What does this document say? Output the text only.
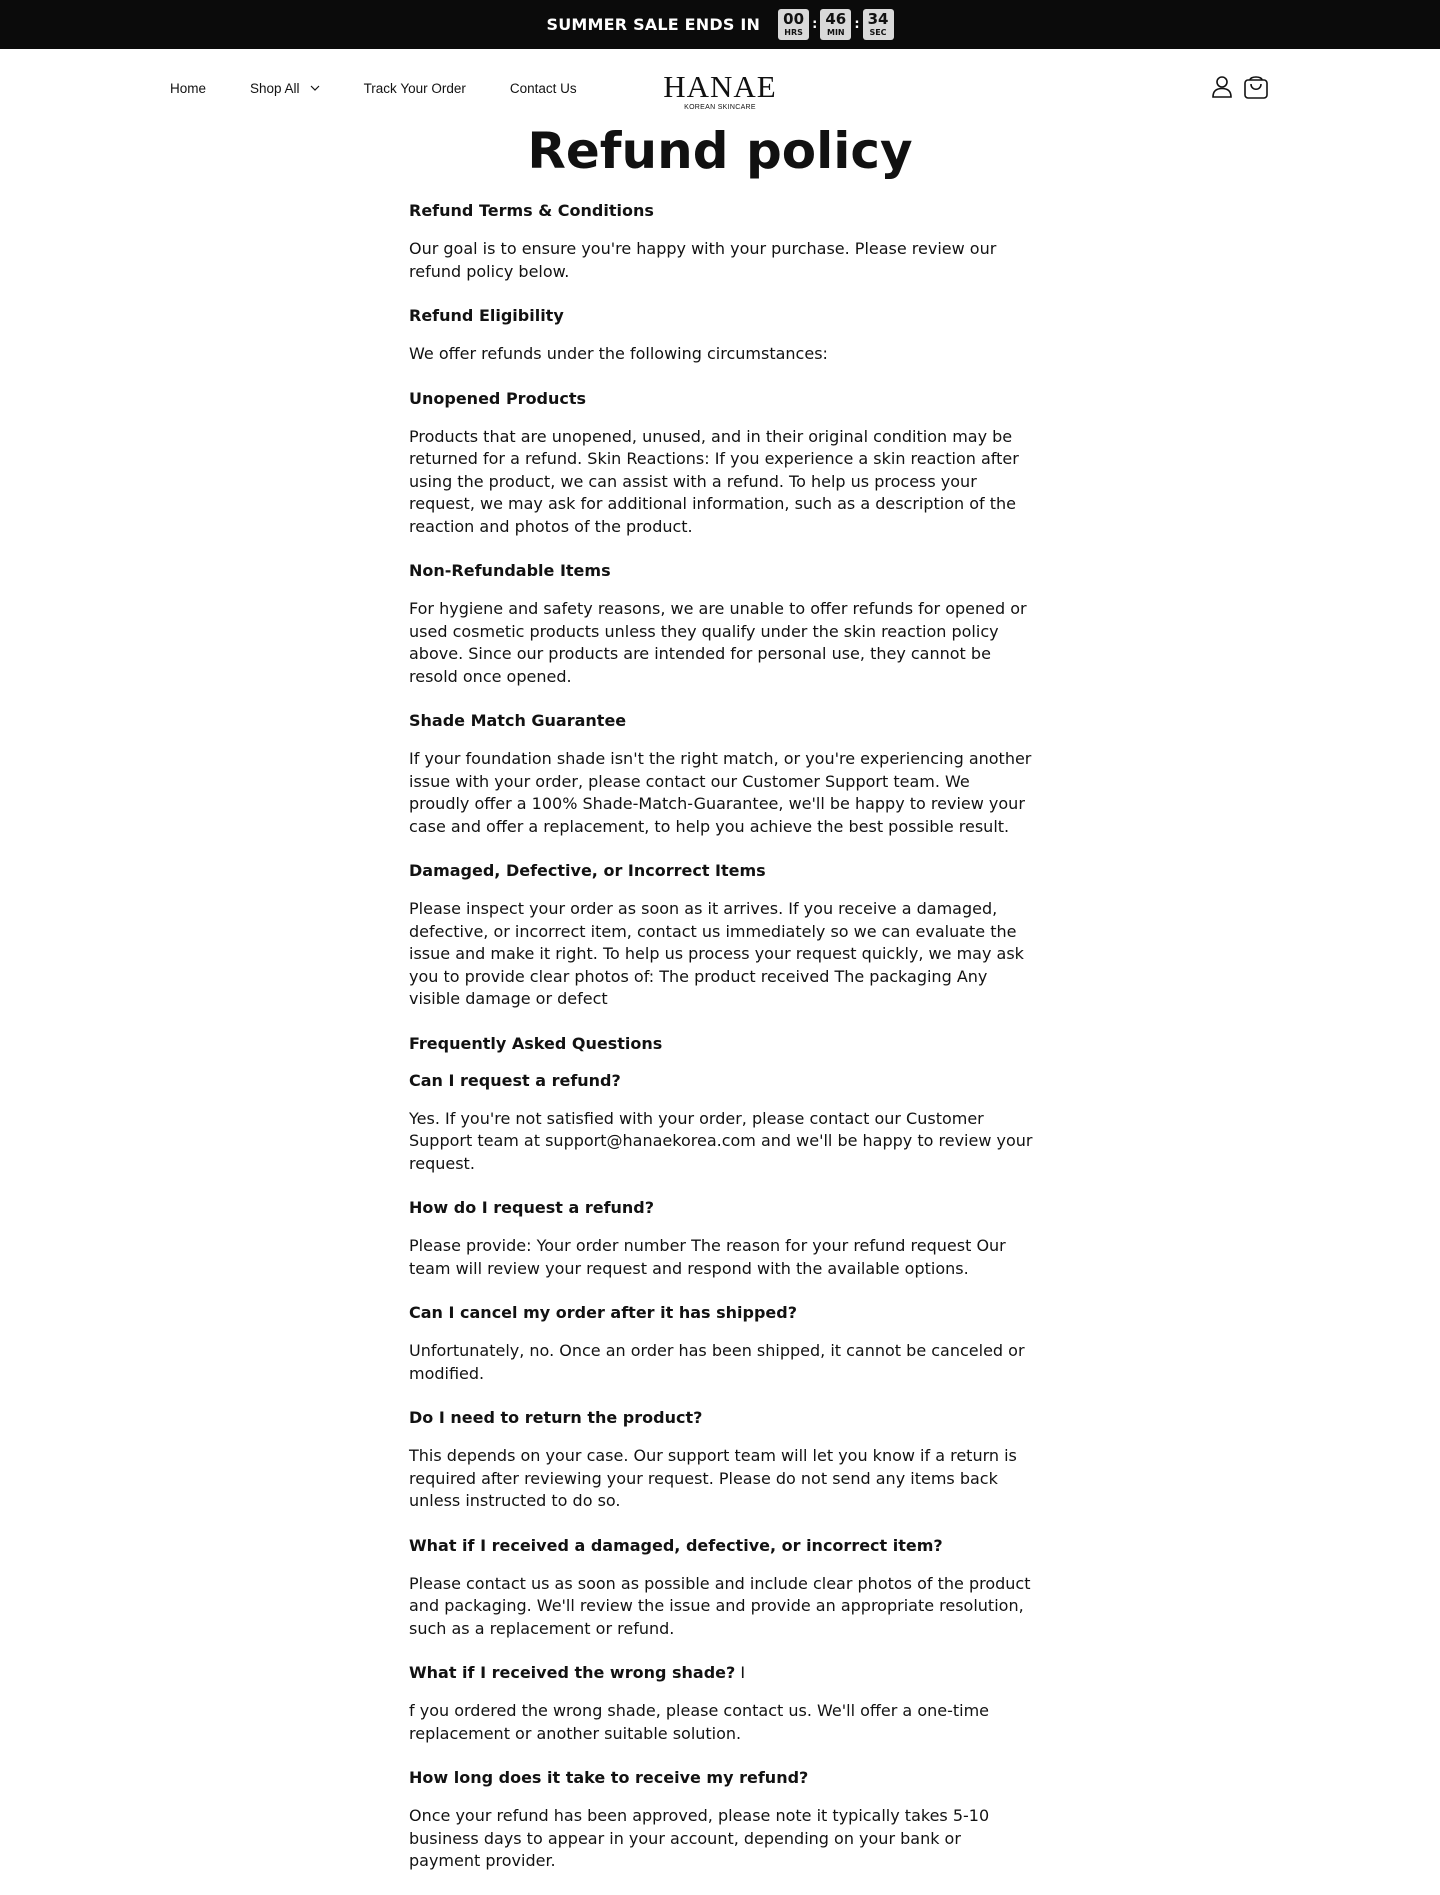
SUMMER SALE ENDS IN 00
HRS
: 46
MIN
: 34
SEC
Home	Shop All	Track Your Order	Contact Us	HANAE
KOREAN SKINCARE
Refund policy
Refund Terms & Conditions

Our goal is to ensure you're happy with your purchase. Please review our refund policy below.

Refund Eligibility

We offer refunds under the following circumstances:

Unopened Products

Products that are unopened, unused, and in their original condition may be returned for a refund. Skin Reactions: If you experience a skin reaction after using the product, we can assist with a refund. To help us process your request, we may ask for additional information, such as a description of the reaction and photos of the product.

Non-Refundable Items

For hygiene and safety reasons, we are unable to offer refunds for opened or used cosmetic products unless they qualify under the skin reaction policy above. Since our products are intended for personal use, they cannot be resold once opened.

Shade Match Guarantee

If your foundation shade isn't the right match, or you're experiencing another issue with your order, please contact our Customer Support team. We proudly offer a 100% Shade-Match-Guarantee, we'll be happy to review your case and offer a replacement, to help you achieve the best possible result.

Damaged, Defective, or Incorrect Items

Please inspect your order as soon as it arrives. If you receive a damaged, defective, or incorrect item, contact us immediately so we can evaluate the issue and make it right. To help us process your request quickly, we may ask you to provide clear photos of: The product received The packaging Any visible damage or defect

Frequently Asked Questions
Can I request a refund?

Yes. If you're not satisfied with your order, please contact our Customer Support team at support@hanaekorea.com and we'll be happy to review your request.

How do I request a refund?

Please provide: Your order number The reason for your refund request Our team will review your request and respond with the available options.

Can I cancel my order after it has shipped?

Unfortunately, no. Once an order has been shipped, it cannot be canceled or modified.

Do I need to return the product?

This depends on your case. Our support team will let you know if a return is required after reviewing your request. Please do not send any items back unless instructed to do so.

What if I received a damaged, defective, or incorrect item?

Please contact us as soon as possible and include clear photos of the product and packaging. We'll review the issue and provide an appropriate resolution, such as a replacement or refund.

What if I received the wrong shade? I

f you ordered the wrong shade, please contact us. We'll offer a one-time replacement or another suitable solution.

How long does it take to receive my refund?

Once your refund has been approved, please note it typically takes 5-10 business days to appear in your account, depending on your bank or payment provider.
